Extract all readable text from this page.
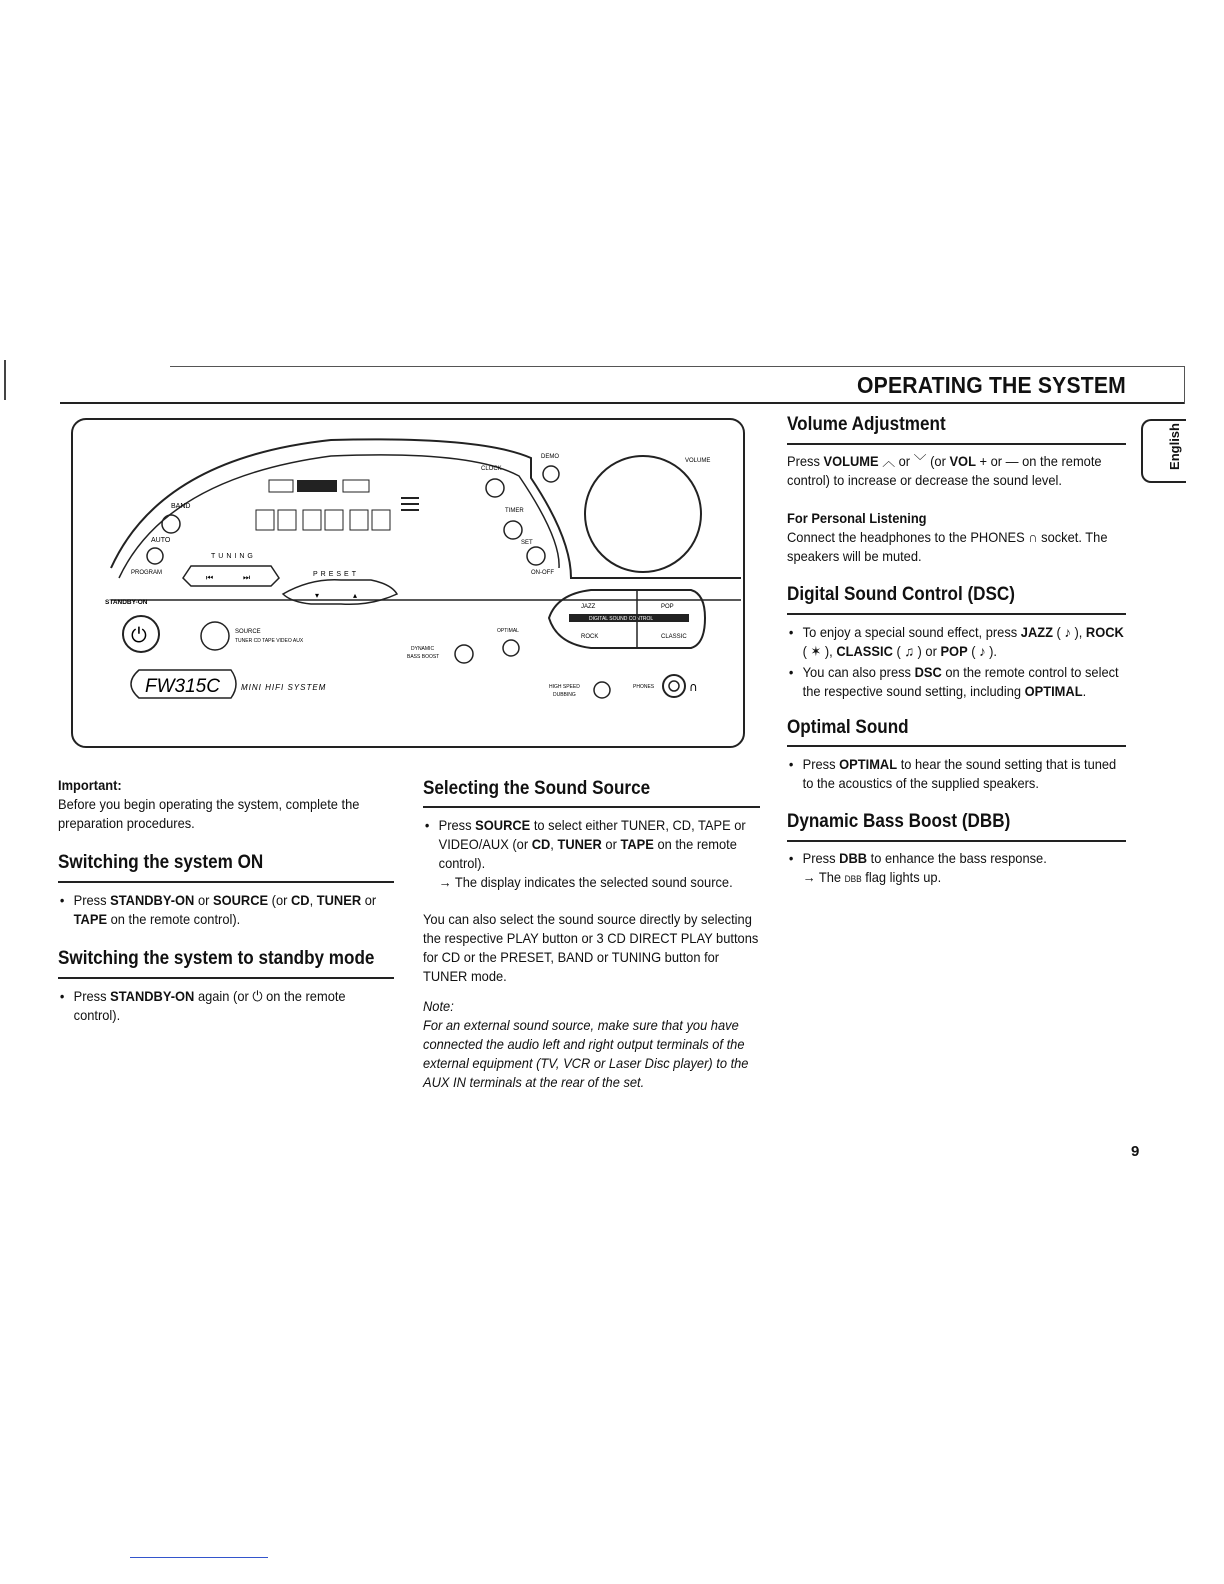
OPERATING THE SYSTEM
English
BAND
AUTO
PROGRAM
STANDBY-ON
TUNING
⏮	⏭	PRESET
▾	▴
CLOCK
DEMO
TIMER
SET
ON-OFF
VOLUME
⏻	SOURCE
TUNER CD TAPE VIDEO AUX
FW315C	MINI HIFI SYSTEM
DYNAMIC
BASS BOOST
OPTIMAL
DIGITAL SOUND CONTROL
JAZZ
ROCK	CLASSIC
POP
HIGH SPEED
DUBBING
PHONES	∩

Important:

Before you begin operating the system, complete the preparation procedures.

Switching the system ON
• Press STANDBY-ON or SOURCE (or CD, TUNER or TAPE on the remote control).
Switching the system to standby mode
• Press STANDBY-ON again (or ⏻ on the remote control).
Selecting the Sound Source
• Press SOURCE to select either TUNER, CD, TAPE or VIDEO/AUX (or CD, TUNER or TAPE on the remote control).
→ The display indicates the selected sound source.

You can also select the sound source directly by selecting the respective PLAY button or 3 CD DIRECT PLAY buttons for CD or the PRESET, BAND or TUNING button for TUNER mode.

Note:

For an external sound source, make sure that you have connected the audio left and right output terminals of the external equipment (TV, VCR or Laser Disc player) to the AUX IN terminals at the rear of the set.

Volume Adjustment

Press VOLUME ︿ or ﹀ (or VOL + or — on the remote control) to increase or decrease the sound level.

For Personal Listening

Connect the headphones to the PHONES ∩ socket. The speakers will be muted.

Digital Sound Control (DSC)
• To enjoy a special sound effect, press JAZZ ( ♪ ), ROCK ( ✶ ), CLASSIC ( ♫ ) or POP ( ♪ ).
• You can also press DSC on the remote control to select the respective sound setting, including OPTIMAL.
Optimal Sound
• Press OPTIMAL to hear the sound setting that is tuned to the acoustics of the supplied speakers.
Dynamic Bass Boost (DBB)
• Press DBB to enhance the bass response.
→ The DBB flag lights up.
9
